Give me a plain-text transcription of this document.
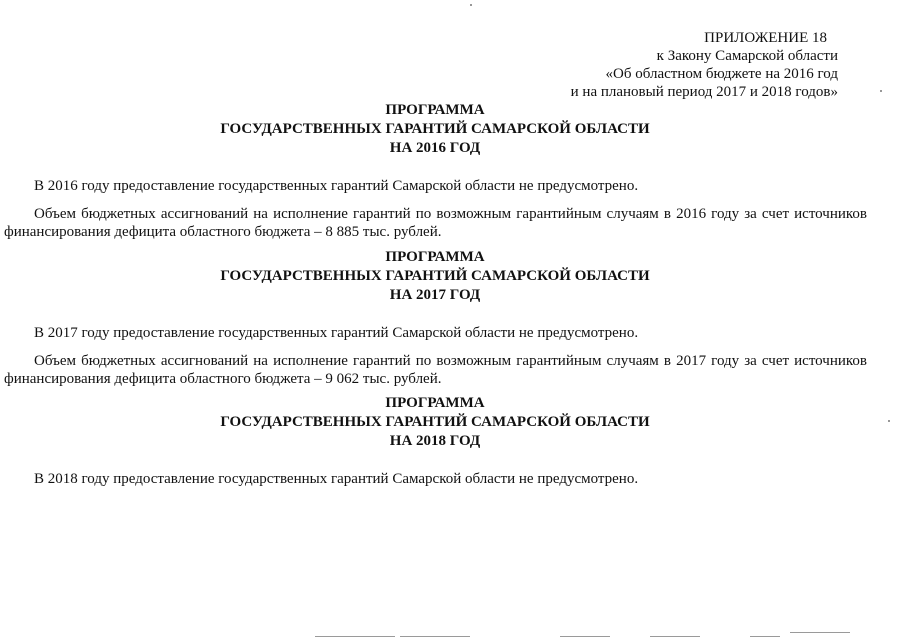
ПРИЛОЖЕНИЕ 18
к Закону Самарской области
«Об областном бюджете на 2016 год
и на плановый период 2017 и 2018 годов»
ПРОГРАММА
ГОСУДАРСТВЕННЫХ ГАРАНТИЙ САМАРСКОЙ ОБЛАСТИ
НА 2016 ГОД
В 2016 году предоставление государственных гарантий Самарской области не предусмотрено.
Объем бюджетных ассигнований на исполнение гарантий по возможным гарантийным случаям в 2016 году за счет источников финансирования дефицита областного бюджета – 8 885 тыс. рублей.
ПРОГРАММА
ГОСУДАРСТВЕННЫХ ГАРАНТИЙ САМАРСКОЙ ОБЛАСТИ
НА 2017 ГОД
В 2017 году предоставление государственных гарантий Самарской области не предусмотрено.
Объем бюджетных ассигнований на исполнение гарантий по возможным гарантийным случаям в 2017 году за счет источников финансирования дефицита областного бюджета – 9 062 тыс. рублей.
ПРОГРАММА
ГОСУДАРСТВЕННЫХ ГАРАНТИЙ САМАРСКОЙ ОБЛАСТИ
НА 2018 ГОД
В 2018 году предоставление государственных гарантий Самарской области не предусмотрено.
